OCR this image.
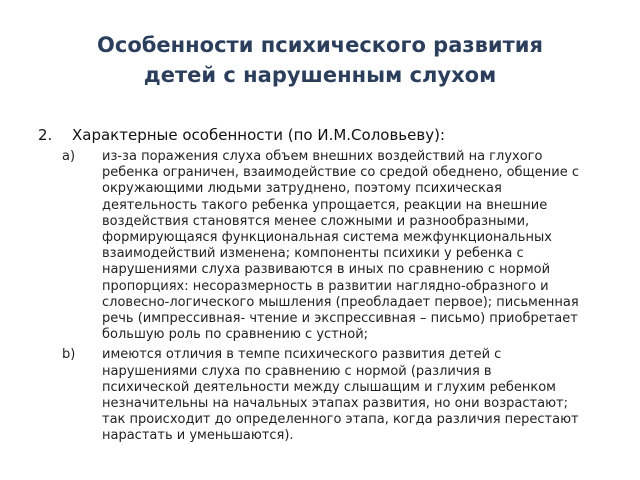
Особенности психического развития
детей с нарушенным слухом
2.	Характерные особенности (по И.М.Соловьеву):
a)	из-за поражения слуха объем внешних воздействий на глухого
ребенка ограничен, взаимодействие со средой обеднено, общение с
окружающими людьми затруднено, поэтому психическая
деятельность такого ребенка упрощается, реакции на внешние
воздействия становятся менее сложными и разнообразными,
формирующаяся функциональная система межфункциональных
взаимодействий изменена; компоненты психики у ребенка с
нарушениями слуха развиваются в иных по сравнению с нормой
пропорциях: несоразмерность в развитии наглядно-образного и
словесно-логического мышления (преобладает первое); письменная
речь (импрессивная- чтение и экспрессивная – письмо) приобретает
большую роль по сравнению с устной;
b)	имеются отличия в темпе психического развития детей с
нарушениями слуха по сравнению с нормой (различия в
психической деятельности между слышащим и глухим ребенком
незначительны на начальных этапах развития, но они возрастают;
так происходит до определенного этапа, когда различия перестают
нарастать и уменьшаются).
